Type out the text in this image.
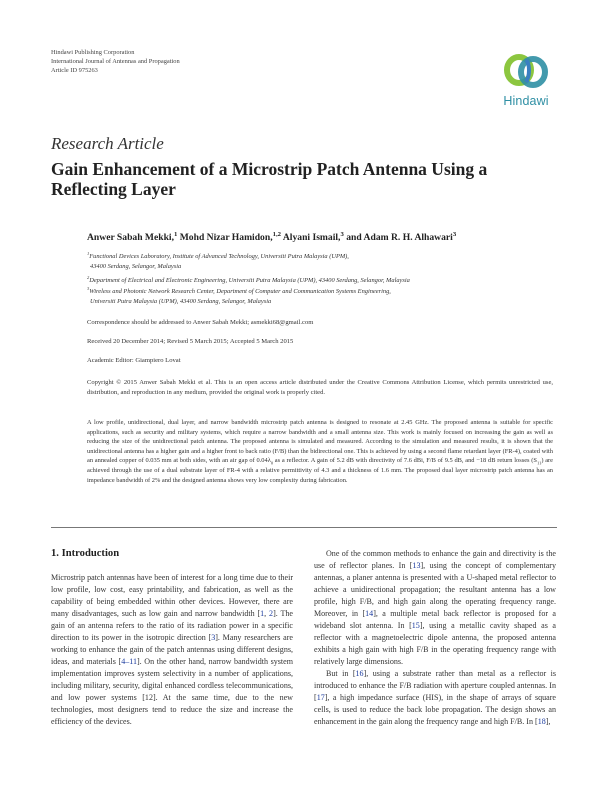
Hindawi Publishing Corporation
International Journal of Antennas and Propagation
Article ID 975263
Hindawi
Research Article
Gain Enhancement of a Microstrip Patch Antenna Using a Reflecting Layer
Anwer Sabah Mekki,$^1$ Mohd Nizar Hamidon,$^{1,2}$ Alyani Ismail,$^3$ and Adam R. H. Alhawari$^3$
$^1$Functional Devices Laboratory, Institute of Advanced Technology, Universiti Putra Malaysia (UPM),
43400 Serdang, Selangor, Malaysia
$^2$Department of Electrical and Electronic Engineering, Universiti Putra Malaysia (UPM), 43400 Serdang, Selangor, Malaysia
$^3$Wireless and Photonic Network Research Center, Department of Computer and Communication Systems Engineering,
Universiti Putra Malaysia (UPM), 43400 Serdang, Selangor, Malaysia
Correspondence should be addressed to Anwer Sabah Mekki; asmekki68@gmail.com
Received 20 December 2014; Revised 5 March 2015; Accepted 5 March 2015
Academic Editor: Giampiero Lovat
Copyright © 2015 Anwer Sabah Mekki et al. This is an open access article distributed under the Creative Commons Attribution License, which permits unrestricted use, distribution, and reproduction in any medium, provided the original work is properly cited.
A low profile, unidirectional, dual layer, and narrow bandwidth microstrip patch antenna is designed to resonate at 2.45 GHz. The proposed antenna is suitable for specific applications, such as security and military systems, which require a narrow bandwidth and a small antenna size. This work is mainly focused on increasing the gain as well as reducing the size of the unidirectional patch antenna. The proposed antenna is simulated and measured. According to the simulation and measured results, it is shown that the unidirectional antenna has a higher gain and a higher front to back ratio (F/B) than the bidirectional one. This is achieved by using a second flame retardant layer (FR-4), coated with an annealed copper of 0.035 mm at both sides, with an air gap of $0.04\lambda_0$ as a reflector. A gain of 5.2 dB with directivity of 7.6 dBi, F/B of 9.5 dB, and −18 dB return losses $(S_{11})$ are achieved through the use of a dual substrate layer of FR-4 with a relative permittivity of 4.3 and a thickness of 1.6 mm. The proposed dual layer microstrip patch antenna has an impedance bandwidth of 2% and the designed antenna shows very low complexity during fabrication.
1. Introduction

Microstrip patch antennas have been of interest for a long time due to their low profile, low cost, easy printability, and fabrication, as well as the capability of being embedded within other devices. However, there are many disadvantages, such as low gain and narrow bandwidth [1, 2]. The gain of an antenna refers to the ratio of its radiation power in a specific direction to its power in the isotropic direction [3]. Many researchers are working to enhance the gain of the patch antennas using different designs, ideas, and materials [4–11]. On the other hand, narrow bandwidth system implementation improves system selectivity in a number of applications, including military, security, digital enhanced cordless telecommunications, and low power systems [12]. At the same time, due to the new technologies, most designers tend to reduce the size and increase the efficiency of the devices.

One of the common methods to enhance the gain and directivity is the use of reflector planes. In [13], using the concept of complementary antennas, a planer antenna is presented with a U-shaped metal reflector to achieve a unidirectional propagation; the resultant antenna has a low profile, high F/B, and high gain along the operating frequency range. Moreover, in [14], a multiple metal back reflector is proposed for a wideband slot antenna. In [15], using a metallic cavity shaped as a reflector with a magnetoelectric dipole antenna, the proposed antenna exhibits a high gain with high F/B in the operating frequency range with relatively large dimensions.

But in [16], using a substrate rather than metal as a reflector is introduced to enhance the F/B radiation with aperture coupled antennas. In [17], a high impedance surface (HIS), in the shape of arrays of square cells, is used to reduce the back lobe propagation. The design shows an enhancement in the gain along the frequency range and high F/B. In [18],
